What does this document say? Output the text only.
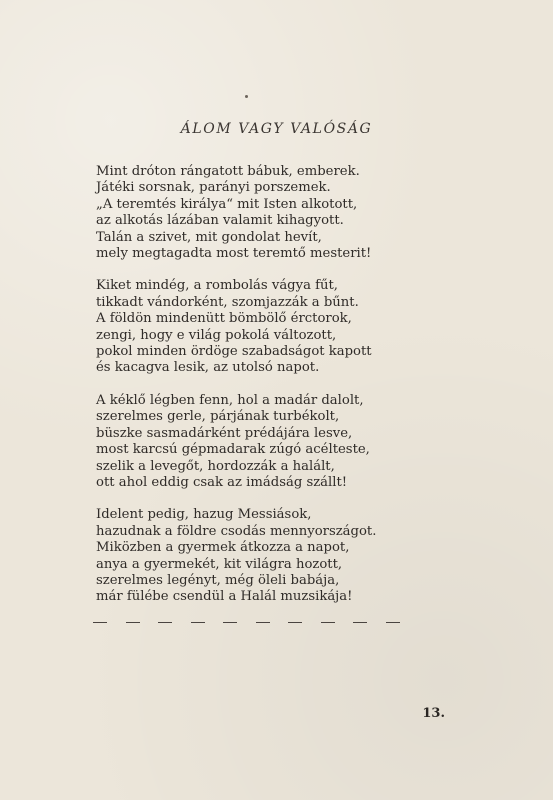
ÁLOM VAGY VALÓSÁG
Mint dróton rángatott bábuk, emberek.
Játéki sorsnak, parányi porszemek.
„A teremtés királya“ mit Isten alkotott,
az alkotás lázában valamit kihagyott.
Talán a szivet, mit gondolat hevít,
mely megtagadta most teremtő mesterit!
Kiket mindég, a rombolás vágya fűt,
tikkadt vándorként, szomjazzák a bűnt.
A földön mindenütt bömbölő érctorok,
zengi, hogy e világ pokolá változott,
pokol minden ördöge szabadságot kapott
és kacagva lesik, az utolsó napot.
A kéklő légben fenn, hol a madár dalolt,
szerelmes gerle, párjának turbékolt,
büszke sasmadárként prédájára lesve,
most karcsú gépmadarak zúgó acélteste,
szelik a levegőt, hordozzák a halált,
ott ahol eddig csak az imádság szállt!
Idelent pedig, hazug Messiások,
hazudnak a földre csodás mennyországot.
Miközben a gyermek átkozza a napot,
anya a gyermekét, kit világra hozott,
szerelmes legényt, még öleli babája,
már fülébe csendül a Halál muzsikája!
13.
